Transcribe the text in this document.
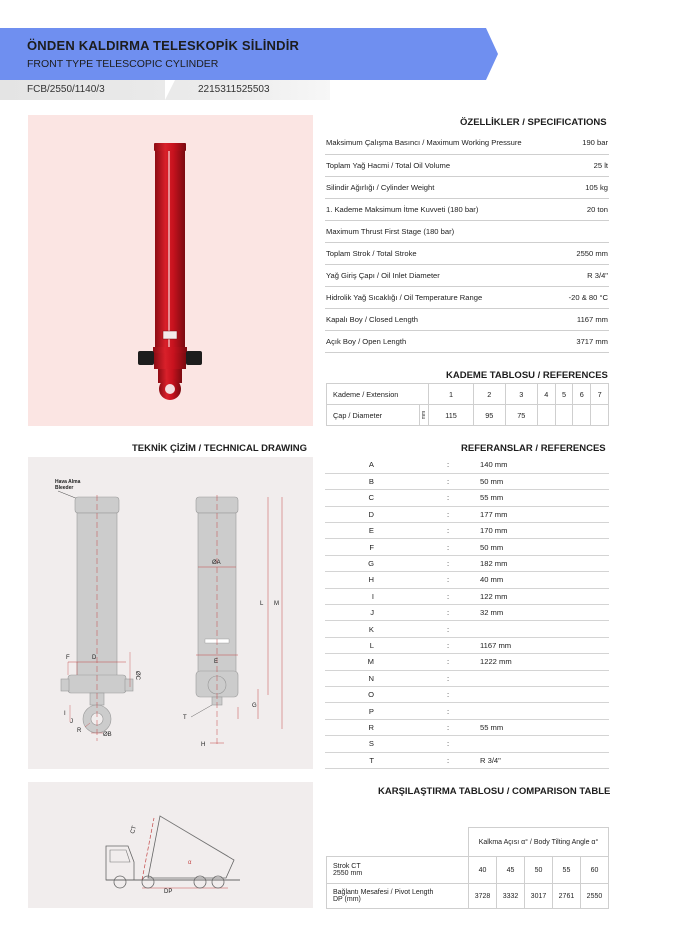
ÖNDEN KALDIRMA TELESKOPİK SİLİNDİR
FRONT TYPE TELESCOPIC CYLINDER
FCB/2550/1140/3	2215311525503
ÖZELLİKLER / SPECIFICATIONS
Maksimum Çalışma Basıncı / Maximum Working Pressure	190 bar
Toplam Yağ Hacmi / Total Oil Volume	25 lt
Silindir Ağırlığı / Cylinder Weight	105 kg
1. Kademe Maksimum İtme Kuvveti (180 bar)	20 ton
Maximum Thrust First Stage (180 bar)	
Toplam Strok / Total Stroke	2550 mm
Yağ Giriş Çapı / Oil Inlet Diameter	R 3/4"
Hidrolik Yağ Sıcaklığı / Oil Temperature Range	-20 & 80 °C
Kapalı Boy / Closed Length	1167 mm
Açık Boy / Open Length	3717 mm
KADEME TABLOSU / REFERENCES
Kademe / Extension		1	2	3	4	5	6	7
Çap / Diameter	mm	115	95	75				
TEKNİK ÇİZİM / TECHNICAL DRAWING
Hava Alma
Bleeder
F	D
ØC
I
J
R
ØB
ØA
E
L M
G
T
H
REFERANSLAR / REFERENCES
A		:	140 mm
B		:	50 mm
C		:	55 mm
D		:	177 mm
E		:	170 mm
F		:	50 mm
G		:	182 mm
H		:	40 mm
I		:	122 mm
J		:	32 mm
K		:	
L		:	1167 mm
M		:	1222 mm
N		:	
O		:	
P		:	
R		:	55 mm
S		:	
T		:	R 3/4"
CT
α
DP
KARŞILAŞTIRMA TABLOSU / COMPARISON TABLE
	Kalkma Açısı α° / Body Tilting Angle α°				
Strok CT
2550 mm	40	45	50	55	60
Bağlantı Mesafesi / Pivot Length
DP (mm)	3728	3332	3017	2761	2550
